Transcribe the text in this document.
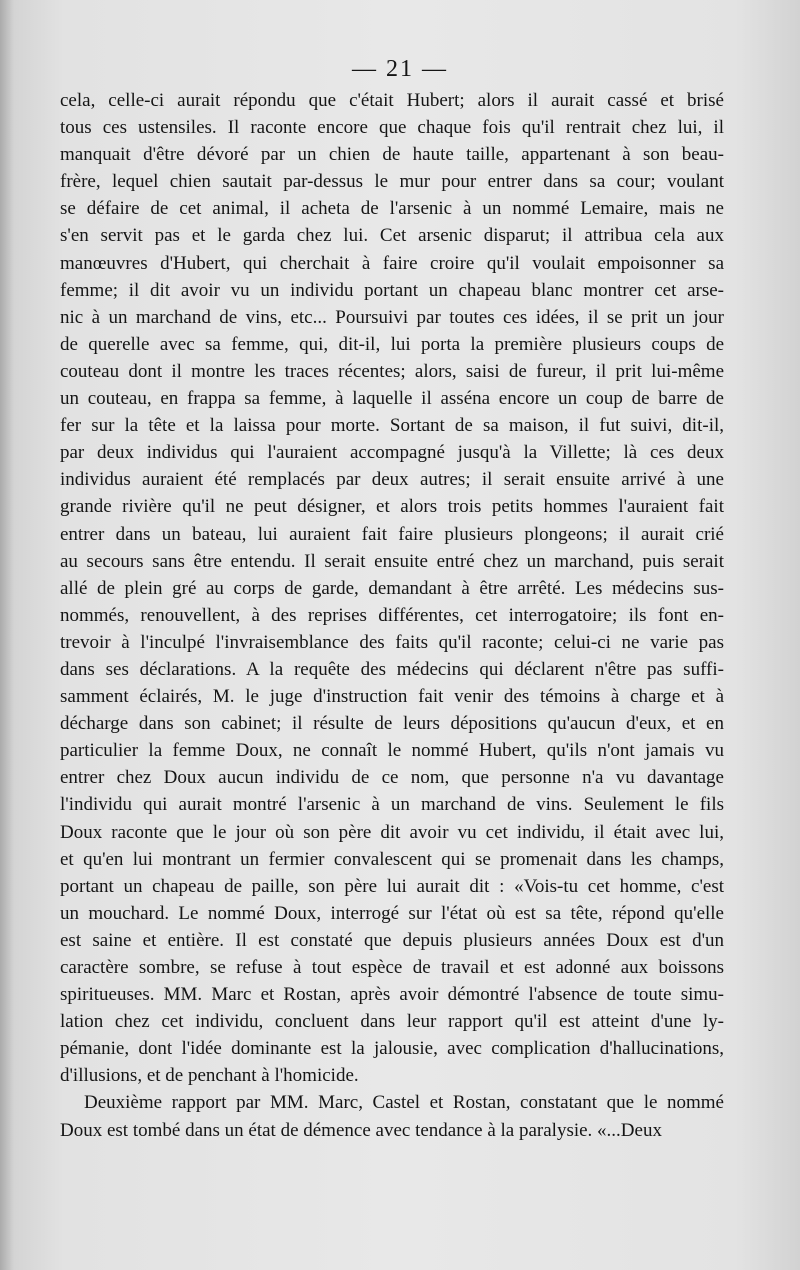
— 21 —
cela, celle-ci aurait répondu que c'était Hubert; alors il aurait cassé et brisé
tous ces ustensiles. Il raconte encore que chaque fois qu'il rentrait chez lui, il
manquait d'être dévoré par un chien de haute taille, appartenant à son beau-
frère, lequel chien sautait par-dessus le mur pour entrer dans sa cour; voulant
se défaire de cet animal, il acheta de l'arsenic à un nommé Lemaire, mais ne
s'en servit pas et le garda chez lui. Cet arsenic disparut; il attribua cela aux
manœuvres d'Hubert, qui cherchait à faire croire qu'il voulait empoisonner sa
femme; il dit avoir vu un individu portant un chapeau blanc montrer cet arse-
nic à un marchand de vins, etc... Poursuivi par toutes ces idées, il se prit un jour
de querelle avec sa femme, qui, dit-il, lui porta la première plusieurs coups de
couteau dont il montre les traces récentes; alors, saisi de fureur, il prit lui-même
un couteau, en frappa sa femme, à laquelle il asséna encore un coup de barre de
fer sur la tête et la laissa pour morte. Sortant de sa maison, il fut suivi, dit-il,
par deux individus qui l'auraient accompagné jusqu'à la Villette; là ces deux
individus auraient été remplacés par deux autres; il serait ensuite arrivé à une
grande rivière qu'il ne peut désigner, et alors trois petits hommes l'auraient fait
entrer dans un bateau, lui auraient fait faire plusieurs plongeons; il aurait crié
au secours sans être entendu. Il serait ensuite entré chez un marchand, puis serait
allé de plein gré au corps de garde, demandant à être arrêté. Les médecins sus-
nommés, renouvellent, à des reprises différentes, cet interrogatoire; ils font en-
trevoir à l'inculpé l'invraisemblance des faits qu'il raconte; celui-ci ne varie pas
dans ses déclarations. A la requête des médecins qui déclarent n'être pas suffi-
samment éclairés, M. le juge d'instruction fait venir des témoins à charge et à
décharge dans son cabinet; il résulte de leurs dépositions qu'aucun d'eux, et en
particulier la femme Doux, ne connaît le nommé Hubert, qu'ils n'ont jamais vu
entrer chez Doux aucun individu de ce nom, que personne n'a vu davantage
l'individu qui aurait montré l'arsenic à un marchand de vins. Seulement le fils
Doux raconte que le jour où son père dit avoir vu cet individu, il était avec lui,
et qu'en lui montrant un fermier convalescent qui se promenait dans les champs,
portant un chapeau de paille, son père lui aurait dit : «Vois-tu cet homme, c'est
un mouchard. Le nommé Doux, interrogé sur l'état où est sa tête, répond qu'elle
est saine et entière. Il est constaté que depuis plusieurs années Doux est d'un
caractère sombre, se refuse à tout espèce de travail et est adonné aux boissons
spiritueuses. MM. Marc et Rostan, après avoir démontré l'absence de toute simu-
lation chez cet individu, concluent dans leur rapport qu'il est atteint d'une ly-
pémanie, dont l'idée dominante est la jalousie, avec complication d'hallucinations,
d'illusions, et de penchant à l'homicide.
Deuxième rapport par MM. Marc, Castel et Rostan, constatant que le nommé
Doux est tombé dans un état de démence avec tendance à la paralysie. «...Deux
